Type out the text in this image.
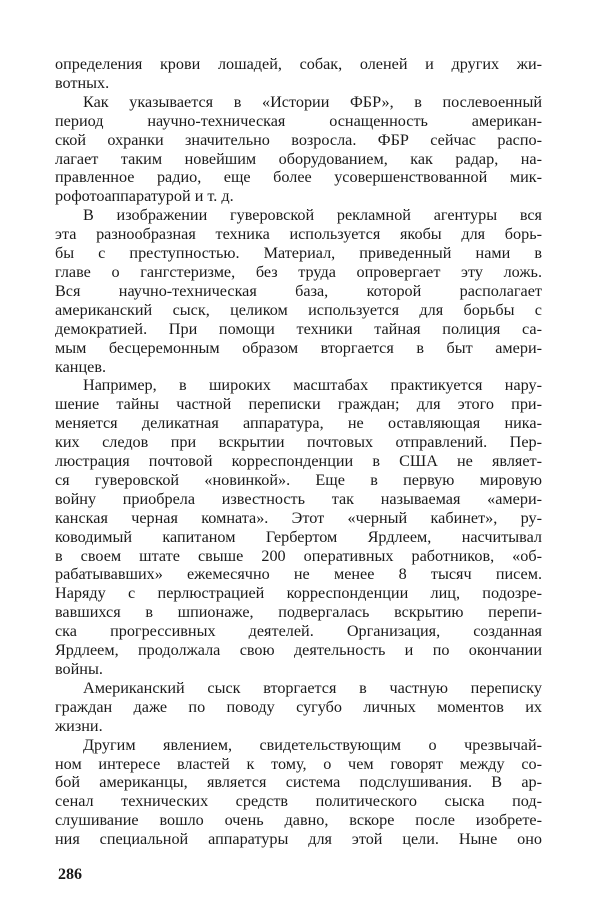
определения крови лошадей, собак, оленей и других жи-
вотных.

Как указывается в «Истории ФБР», в послевоенный
период научно-техническая оснащенность американ-
ской охранки значительно возросла. ФБР сейчас распо-
лагает таким новейшим оборудованием, как радар, на-
правленное радио, еще более усовершенствованной мик-
рофотоаппаратурой и т. д.

В изображении гуверовской рекламной агентуры вся
эта разнообразная техника используется якобы для борь-
бы с преступностью. Материал, приведенный нами в
главе о гангстеризме, без труда опровергает эту ложь.
Вся научно-техническая база, которой располагает
американский сыск, целиком используется для борьбы с
демократией. При помощи техники тайная полиция са-
мым бесцеремонным образом вторгается в быт амери-
канцев.

Например, в широких масштабах практикуется нару-
шение тайны частной переписки граждан; для этого при-
меняется деликатная аппаратура, не оставляющая ника-
ких следов при вскрытии почтовых отправлений. Пер-
люстрация почтовой корреспонденции в США не являет-
ся гуверовской «новинкой». Еще в первую мировую
войну приобрела известность так называемая «амери-
канская черная комната». Этот «черный кабинет», ру-
ководимый капитаном Гербертом Ярдлеем, насчитывал
в своем штате свыше 200 оперативных работников, «об-
рабатывавших» ежемесячно не менее 8 тысяч писем.
Наряду с перлюстрацией корреспонденции лиц, подозре-
вавшихся в шпионаже, подвергалась вскрытию перепи-
ска прогрессивных деятелей. Организация, созданная
Ярдлеем, продолжала свою деятельность и по окончании
войны.

Американский сыск вторгается в частную переписку
граждан даже по поводу сугубо личных моментов их
жизни.

Другим явлением, свидетельствующим о чрезвычай-
ном интересе властей к тому, о чем говорят между со-
бой американцы, является система подслушивания. В ар-
сенал технических средств политического сыска под-
слушивание вошло очень давно, вскоре после изобрете-
ния специальной аппаратуры для этой цели. Ныне оно

286
